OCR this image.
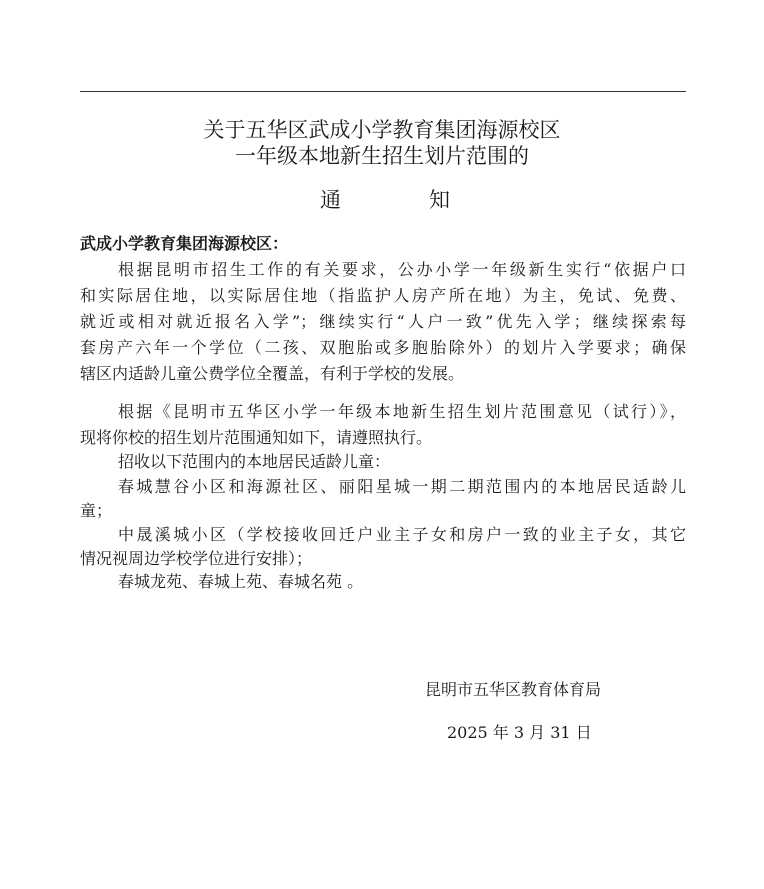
关于五华区武成小学教育集团海源校区
一年级本地新生招生划片范围的
通	知
武成小学教育集团海源校区：
根据昆明市招生工作的有关要求，公办小学一年级新生实行“依据户口
和实际居住地，以实际居住地（指监护人房产所在地）为主，免试、免费、
就近或相对就近报名入学”；继续实行“人户一致”优先入学；继续探索每
套房产六年一个学位（二孩、双胞胎或多胞胎除外）的划片入学要求；确保
辖区内适龄儿童公费学位全覆盖，有利于学校的发展。
根据《昆明市五华区小学一年级本地新生招生划片范围意见（试行）》，
现将你校的招生划片范围通知如下，请遵照执行。
招收以下范围内的本地居民适龄儿童：
春城慧谷小区和海源社区、丽阳星城一期二期范围内的本地居民适龄儿
童；
中晟溪城小区（学校接收回迁户业主子女和房户一致的业主子女，其它
情况视周边学校学位进行安排）；
春城龙苑、春城上苑、春城名苑 。
昆明市五华区教育体育局
2025 年 3 月 31 日
